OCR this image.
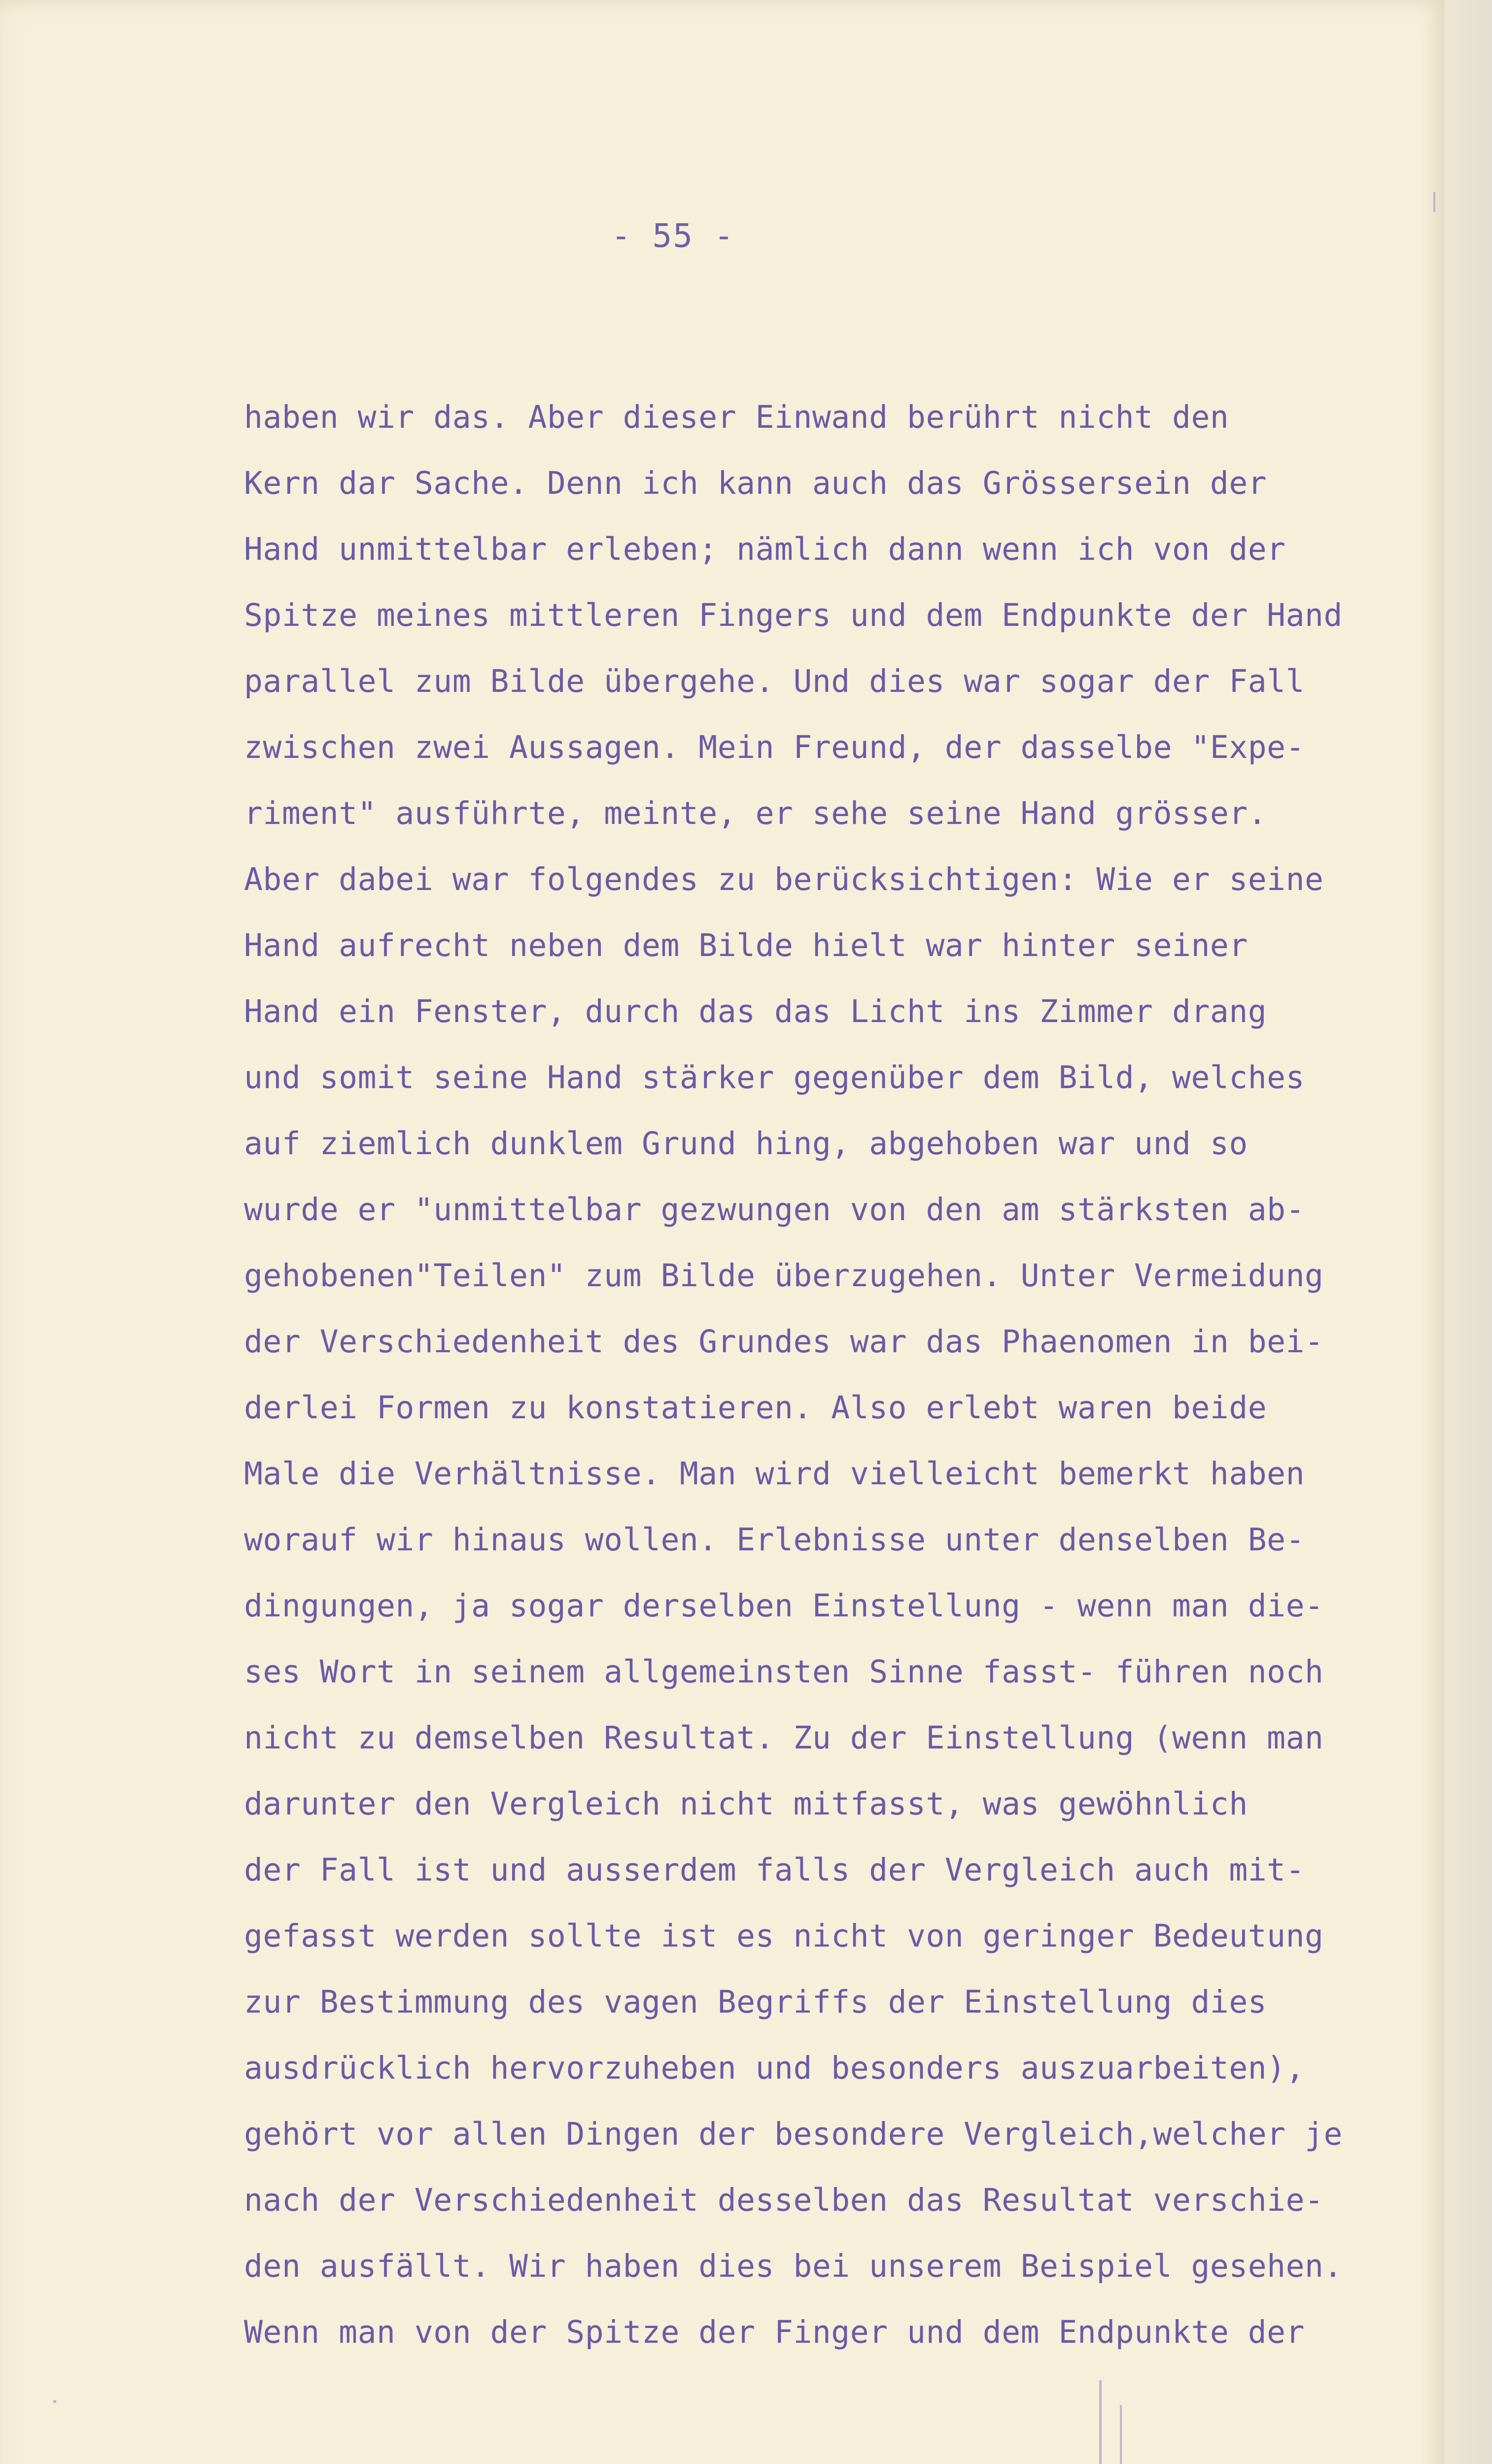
- 55 -
haben wir das. Aber dieser Einwand berührt nicht den
Kern dar Sache. Denn ich kann auch das Grössersein der
Hand unmittelbar erleben; nämlich dann wenn ich von der
Spitze meines mittleren Fingers und dem Endpunkte der Hand
parallel zum Bilde übergehe. Und dies war sogar der Fall
zwischen zwei Aussagen. Mein Freund, der dasselbe "Expe-
riment" ausführte, meinte, er sehe seine Hand grösser.
Aber dabei war folgendes zu berücksichtigen: Wie er seine
Hand aufrecht neben dem Bilde hielt war hinter seiner
Hand ein Fenster, durch das das Licht ins Zimmer drang
und somit seine Hand stärker gegenüber dem Bild, welches
auf ziemlich dunklem Grund hing, abgehoben war und so
wurde er "unmittelbar gezwungen von den am stärksten ab-
gehobenen"Teilen" zum Bilde überzugehen. Unter Vermeidung
der Verschiedenheit des Grundes war das Phaenomen in bei-
derlei Formen zu konstatieren. Also erlebt waren beide
Male die Verhältnisse. Man wird vielleicht bemerkt haben
worauf wir hinaus wollen. Erlebnisse unter denselben Be-
dingungen, ja sogar derselben Einstellung - wenn man die-
ses Wort in seinem allgemeinsten Sinne fasst- führen noch
nicht zu demselben Resultat. Zu der Einstellung (wenn man
darunter den Vergleich nicht mitfasst, was gewöhnlich
der Fall ist und ausserdem falls der Vergleich auch mit-
gefasst werden sollte ist es nicht von geringer Bedeutung
zur Bestimmung des vagen Begriffs der Einstellung dies
ausdrücklich hervorzuheben und besonders auszuarbeiten),
gehört vor allen Dingen der besondere Vergleich,welcher je
nach der Verschiedenheit desselben das Resultat verschie-
den ausfällt. Wir haben dies bei unserem Beispiel gesehen.
Wenn man von der Spitze der Finger und dem Endpunkte der
